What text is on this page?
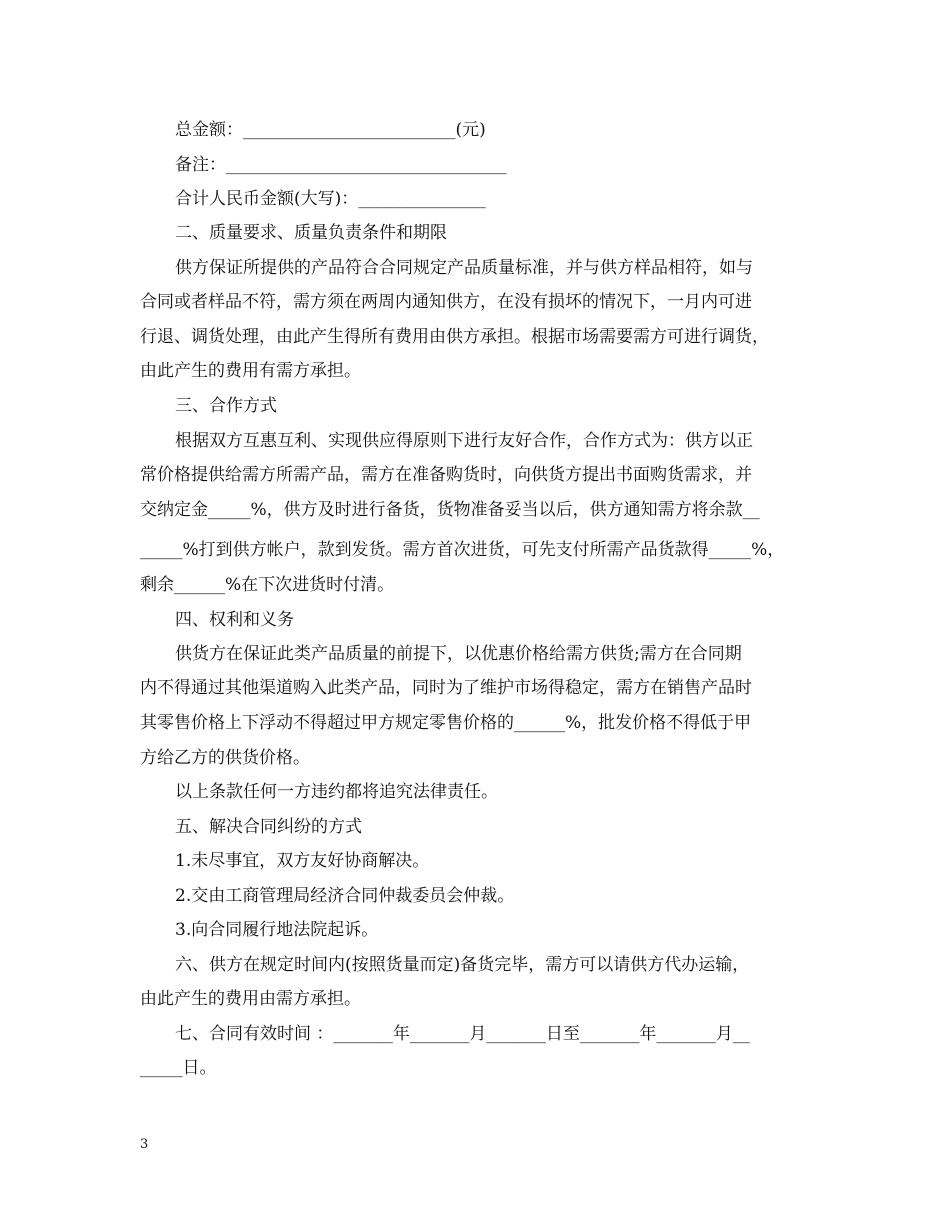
总金额：_________________________(元)
备注：_________________________________
合计人民币金额(大写)：_______________
二、质量要求、质量负责条件和期限
供方保证所提供的产品符合合同规定产品质量标准，并与供方样品相符，如与
合同或者样品不符，需方须在两周内通知供方，在没有损坏的情况下，一月内可进
行退、调货处理，由此产生得所有费用由供方承担。根据市场需要需方可进行调货，
由此产生的费用有需方承担。
三、合作方式
根据双方互惠互利、实现供应得原则下进行友好合作，合作方式为：供方以正
常价格提供给需方所需产品，需方在准备购货时，向供货方提出书面购货需求，并
交纳定金_____%，供方及时进行备货，货物准备妥当以后，供方通知需方将余款__
_____%打到供方帐户，款到发货。需方首次进货，可先支付所需产品货款得_____%，
剩余______%在下次进货时付清。
四、权利和义务
供货方在保证此类产品质量的前提下，以优惠价格给需方供货;需方在合同期
内不得通过其他渠道购入此类产品，同时为了维护市场得稳定，需方在销售产品时
其零售价格上下浮动不得超过甲方规定零售价格的______%，批发价格不得低于甲
方给乙方的供货价格。
以上条款任何一方违约都将追究法律责任。
五、解决合同纠纷的方式
1.未尽事宜，双方友好协商解决。
2.交由工商管理局经济合同仲裁委员会仲裁。
3.向合同履行地法院起诉。
六、供方在规定时间内(按照货量而定)备货完毕，需方可以请供方代办运输，
由此产生的费用由需方承担。
七、合同有效时间 ：_______年_______月_______日至_______年_______月__
_____日。
3
